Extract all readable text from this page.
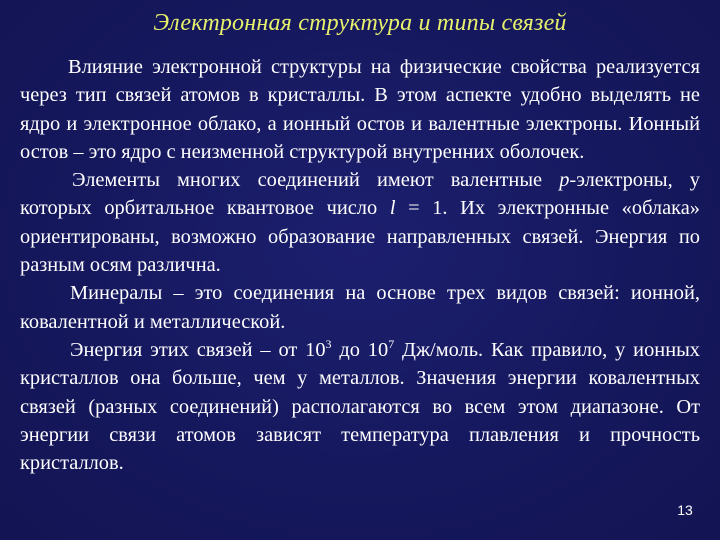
Электронная структура и типы связей

Влияние электронной структуры на физические свойства реализуется через тип связей атомов в кристаллы. В этом аспекте удобно выделять не ядро и электронное облако, а ионный остов и валентные электроны. Ионный остов – это ядро с неизменной структурой внутренних оболочек.

Элементы многих соединений имеют валентные p-электроны, у которых орбитальное квантовое число l = 1. Их электронные «облака» ориентированы, возможно образование направленных связей. Энергия по разным осям различна.

Минералы – это соединения на основе трех видов связей: ионной, ковалентной и металлической.

Энергия этих связей – от $10^3$ до $10^7$ Дж/моль. Как правило, у ионных кристаллов она больше, чем у металлов. Значения энергии ковалентных связей (разных соединений) располагаются во всем этом диапазоне. От энергии связи атомов зависят температура плавления и прочность кристаллов.

13
